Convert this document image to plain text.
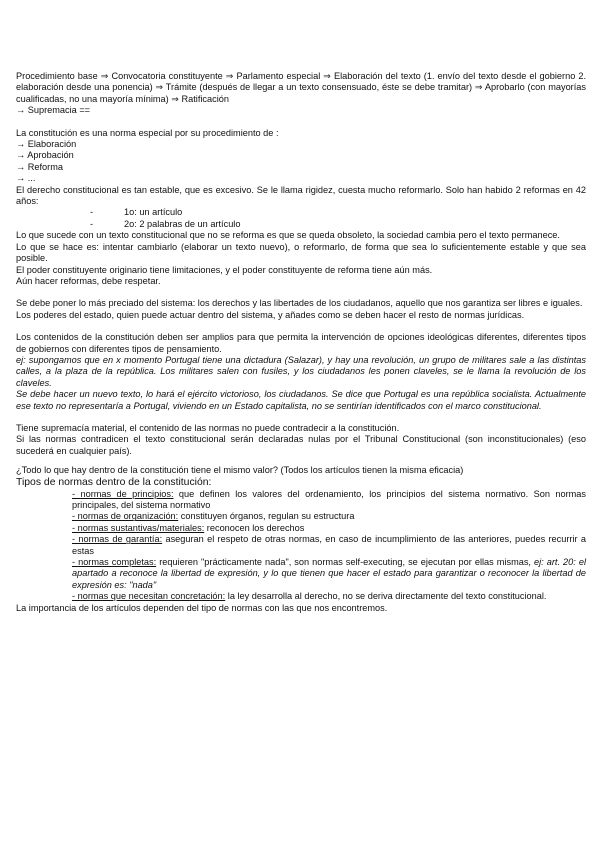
Procedimiento base ⇒ Convocatoria constituyente ⇒ Parlamento especial ⇒ Elaboración del texto (1. envío del texto desde el gobierno 2. elaboración desde una ponencia) ⇒ Trámite (después de llegar a un texto consensuado, éste se debe tramitar) ⇒ Aprobarlo (con mayorías cualificadas, no una mayoría mínima) ⇒ Ratificación

→ Supremacia ==

La constitución es una norma especial por su procedimiento de :

→ Elaboración

→ Aprobación

→ Reforma

→ ...

El derecho constitucional es tan estable, que es excesivo. Se le llama rigidez, cuesta mucho reformarlo. Solo han habido 2 reformas en 42 años:

-	1o: un artículo
-	2o: 2 palabras de un artículo

Lo que sucede con un texto constitucional que no se reforma es que se queda obsoleto, la sociedad cambia pero el texto permanece.

Lo que se hace es: intentar cambiarlo (elaborar un texto nuevo), o reformarlo, de forma que sea lo suficientemente estable y que sea posible.

El poder constituyente originario tiene limitaciones, y el poder constituyente de reforma tiene aún más.

Aún hacer reformas, debe respetar.

Se debe poner lo más preciado del sistema: los derechos y las libertades de los ciudadanos, aquello que nos garantiza ser libres e iguales.

Los poderes del estado, quien puede actuar dentro del sistema, y añades como se deben hacer el resto de normas jurídicas.

Los contenidos de la constitución deben ser amplios para que permita la intervención de opciones ideológicas diferentes, diferentes tipos de gobiernos con diferentes tipos de pensamiento.

ej: supongamos que en x momento Portugal tiene una dictadura (Salazar), y hay una revolución, un grupo de militares sale a las distintas calles, a la plaza de la república. Los militares salen con fusiles, y los ciudadanos les ponen claveles, se le llama la revolución de los claveles.

Se debe hacer un nuevo texto, lo hará el ejército victorioso, los ciudadanos. Se dice que Portugal es una república socialista. Actualmente ese texto no representaría a Portugal, viviendo en un Estado capitalista, no se sentirían identificados con el marco constitucional.

Tiene supremacía material, el contenido de las normas no puede contradecir a la constitución.

Si las normas contradicen el texto constitucional serán declaradas nulas por el Tribunal Constitucional (son inconstitucionales) (eso sucederá en cualquier país).

¿Todo lo que hay dentro de la constitución tiene el mismo valor? (Todos los artículos tienen la misma eficacia)

Tipos de normas dentro de la constitución:

- normas de principios: que definen los valores del ordenamiento, los principios del sistema normativo. Son normas principales, del sistema normativo

- normas de organización: constituyen órganos, regulan su estructura

- normas sustantivas/materiales: reconocen los derechos

- normas de garantía: aseguran el respeto de otras normas, en caso de incumplimiento de las anteriores, puedes recurrir a estas

- normas completas: requieren "prácticamente nada", son normas self-executing, se ejecutan por ellas mismas, ej: art. 20: el apartado a reconoce la libertad de expresión, y lo que tienen que hacer el estado para garantizar o reconocer la libertad de expresión es: "nada"

- normas que necesitan concretación: la ley desarrolla al derecho, no se deriva directamente del texto constitucional.

La importancia de los artículos dependen del tipo de normas con las que nos encontremos.
